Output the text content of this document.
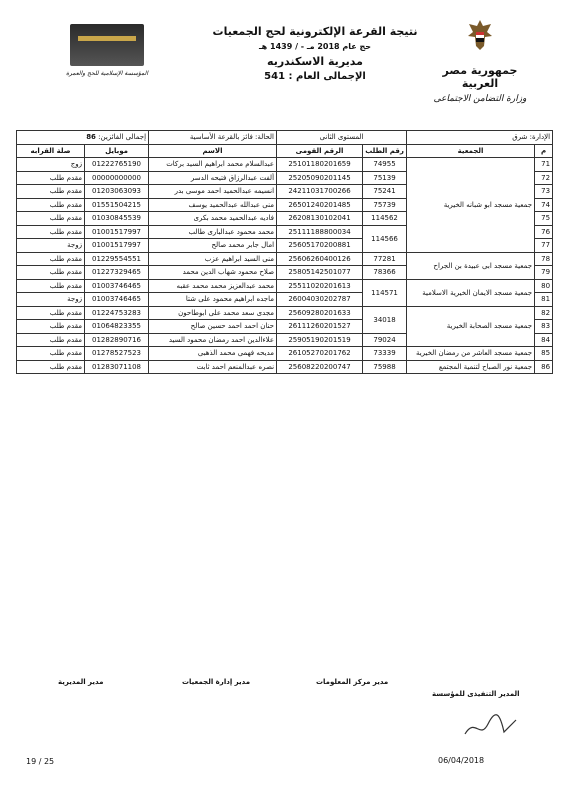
نتيجة القرعة الإلكترونية لحج الجمعيات
حج عام 2018 مـ - / 1439 هـ
مديرية الاسكندريه
الإجمالى العام : 541
المؤسسة الإسلامية للحج والعمرة	جمهورية مصر العربية
وزارة التضامن الاجتماعى
الإدارة: شرق		المستوى الثانى		الحالة: فائز بالقرعة الأساسية	إجمالى الفائزين: 86	
م	الجمعية	رقم الطلب	الرقم القومى	الاسم	موبايل	صلة القرابه
71	جمعية مسجد ابو شبانه الخيرية	74955	25101180201659	عبدالسلام محمد ابراهيم السيد بركات	01222765190	زوج
72		75139	25205090201145	ألفت عبدالرزاق فتيحه الدسر	00000000000	مقدم طلب
73		75241	24211031700266	انسيمه عبدالحميد احمد موسى بدر	01203063093	مقدم طلب
74		75739	26501240201485	منى عبدالله عبدالحميد يوسف	01551504215	مقدم طلب
75		114562	26208130102041	فاديه عبدالحميد محمد بكرى	01030845539	مقدم طلب
76		114566	25111188800034	محمد محمود عبدالبارى طالب	01001517997	مقدم طلب
77			25605170200881	امال جابر محمد صالح	01001517997	زوجة
78	جمعية مسجد ابى عبيدة بن الجراح	77281	25606260400126	منى السيد ابراهيم عزب	01229554551	مقدم طلب
79		78366	25805142501077	صلاح محمود شهاب الدين محمد	01227329465	مقدم طلب
80	جمعية مسجد الايمان الخيرية الاسلامية	114571	25511020201613	محمد عبدالعزيز محمد محمد عقبه	01003746465	مقدم طلب
81			26004030202787	ماجده ابراهيم محمود على شتا	01003746465	زوجة
82	جمعية مسجد الصحابة الخيرية	34018	25609280201633	مجدى سعد محمد على ابوطاحون	01224753283	مقدم طلب
83			26111260201527	حنان احمد احمد حسين صالح	01064823355	مقدم طلب
84		79024	25905190201519	علاءالدين احمد رمضان محمود السيد	01282890716	مقدم طلب
85	جمعية مسجد العاشر من رمضان الخيرية	73339	26105270201762	مديحه فهمى محمد الذهبى	01278527523	مقدم طلب
86	جمعية نور الصباح لتنمية المجتمع	75988	25608220200747	نصره عبدالمنعم احمد ثابت	01283071108	مقدم طلب
مدير المديرية	مدير إدارة الجمعيات	مدير مركز المعلومات
المدير التنفيذى للمؤسسة
19 / 25	06/04/2018
